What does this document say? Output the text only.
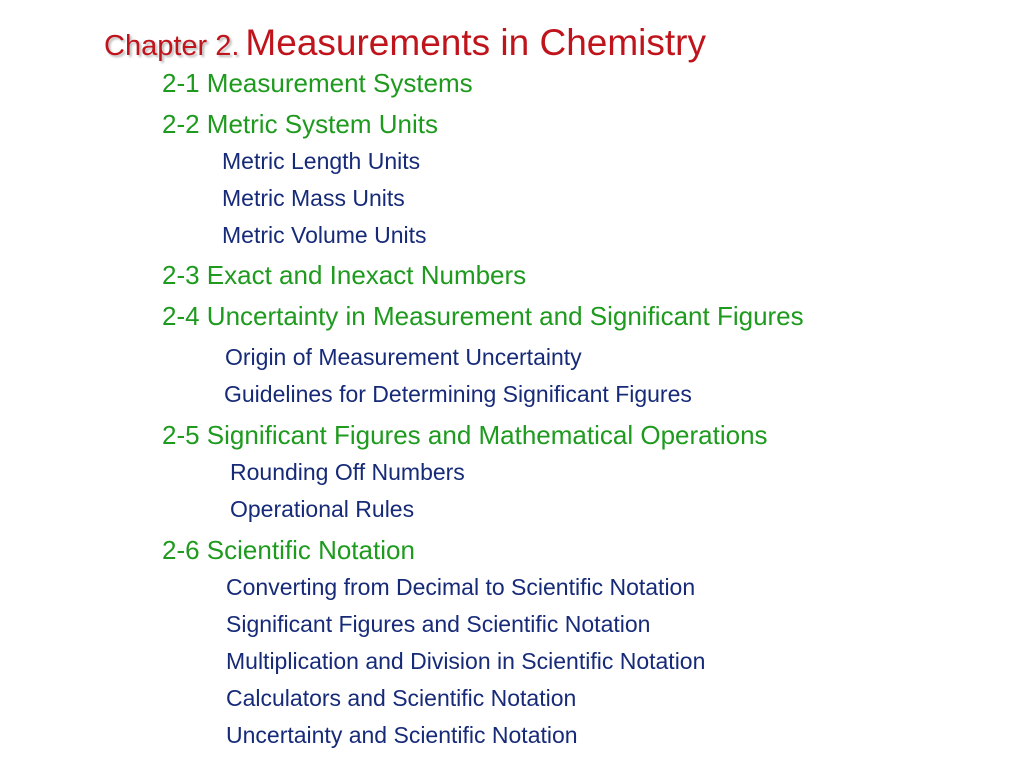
Chapter 2. Measurements in Chemistry
2-1 Measurement Systems
2-2 Metric System Units
Metric Length Units
Metric Mass Units
Metric Volume Units
2-3 Exact and Inexact Numbers
2-4 Uncertainty in Measurement and Significant Figures
Origin of Measurement Uncertainty
Guidelines for Determining Significant Figures
2-5 Significant Figures and Mathematical Operations
Rounding Off Numbers
Operational Rules
2-6 Scientific Notation
Converting from Decimal to Scientific Notation
Significant Figures and Scientific Notation
Multiplication and Division in Scientific Notation
Calculators and Scientific Notation
Uncertainty and Scientific Notation
